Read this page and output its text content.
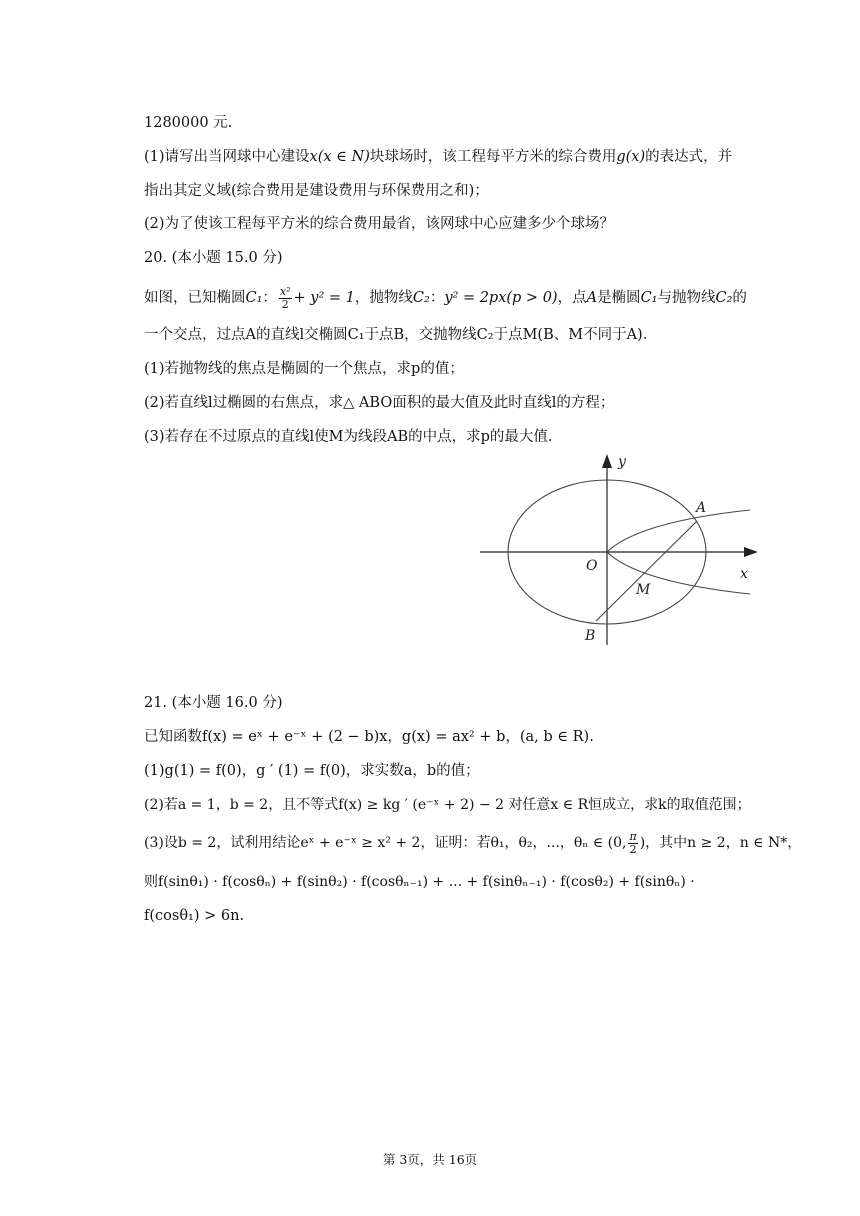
1280000 元.
(1)请写出当网球中心建设x(x ∈ N)块球场时，该工程每平方米的综合费用g(x)的表达式，并
指出其定义域(综合费用是建设费用与环保费用之和)；
(2)为了使该工程每平方米的综合费用最省，该网球中心应建多少个球场？
20. (本小题 15.0 分)
如图，已知椭圆C₁： $\frac{\text{x²}}{2} + y^2 = 1$，抛物线C₂：y² = 2px(p > 0)，点A是椭圆C₁与抛物线C₂的
一个交点，过点A的直线l交椭圆C₁于点B，交抛物线C₂于点M(B、M不同于A).
(1)若抛物线的焦点是椭圆的一个焦点，求p的值；
(2)若直线l过椭圆的右焦点，求△ ABO面积的最大值及此时直线l的方程；
(3)若存在不过原点的直线l使M为线段AB的中点，求p的最大值.
y
x
O
A
M
B
21. (本小题 16.0 分)
已知函数f(x) = eˣ + e⁻ˣ + (2 − b)x，g(x) = ax² + b，(a, b ∈ R).
(1)g(1) = f(0)，g ′ (1) = f(0)，求实数a，b的值；
(2)若a = 1，b = 2，且不等式f(x) ≥ kg ′ (e⁻ˣ + 2) − 2 对任意x ∈ R恒成立，求k的取值范围；
(3)设b = 2，试利用结论eˣ + e⁻ˣ ≥ x² + 2，证明：若θ₁，θ₂，...，θₙ ∈ (0, $\frac{\pi}{2}$ )，其中n ≥ 2，n ∈ N*，
则f(sinθ₁) · f(cosθₙ) + f(sinθ₂) · f(cosθₙ₋₁) + ... + f(sinθₙ₋₁) · f(cosθ₂) + f(sinθₙ) ·
f(cosθ₁) > 6n.
第 3页，共 16页
